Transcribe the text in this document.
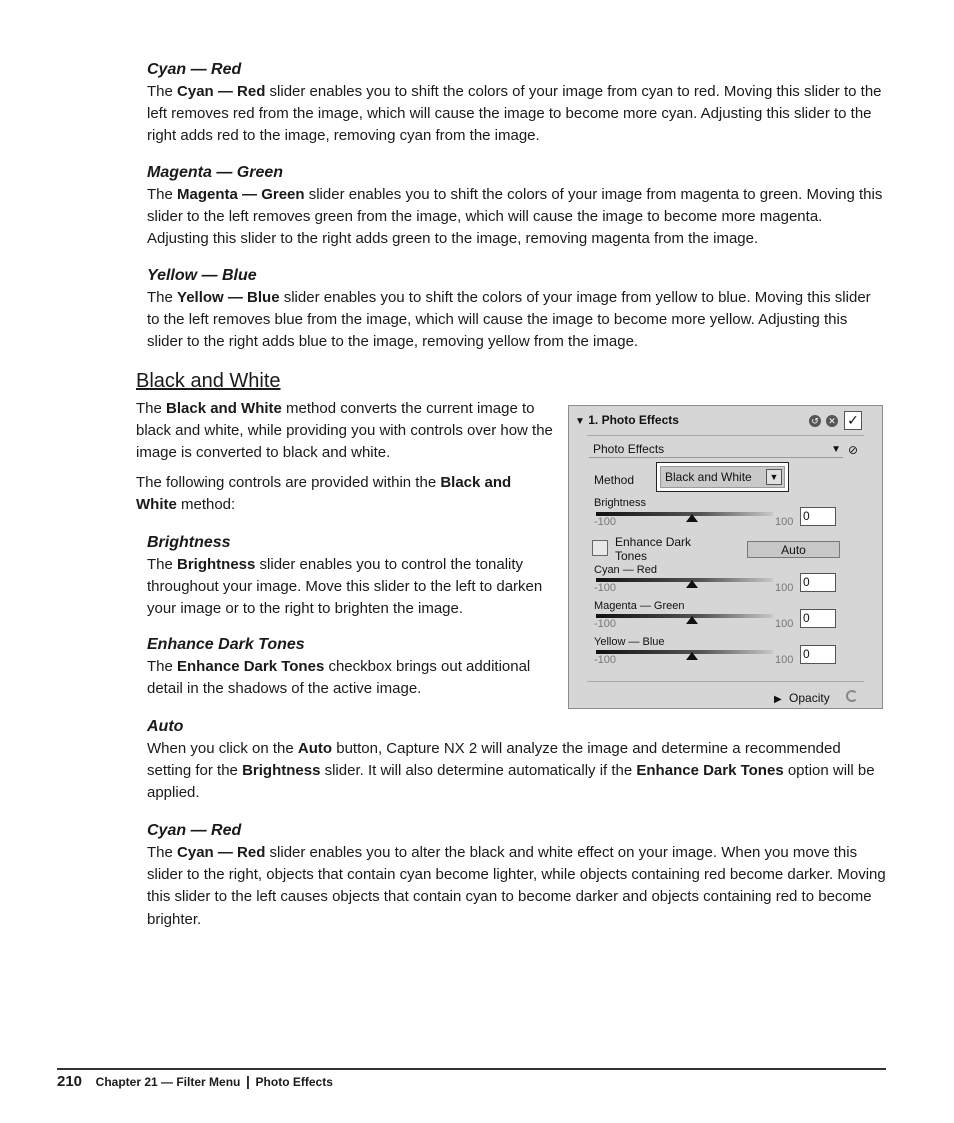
Cyan — Red

The Cyan — Red slider enables you to shift the colors of your image from cyan to red. Moving this slider to the left removes red from the image, which will cause the image to become more cyan. Adjusting this slider to the right adds red to the image, removing cyan from the image.

Magenta — Green

The Magenta — Green slider enables you to shift the colors of your image from magenta to green. Moving this slider to the left removes green from the image, which will cause the image to become more magenta. Adjusting this slider to the right adds green to the image, removing magenta from the image.

Yellow — Blue

The Yellow — Blue slider enables you to shift the colors of your image from yellow to blue. Moving this slider to the left removes blue from the image, which will cause the image to become more yellow. Adjusting this slider to the right adds blue to the image, removing yellow from the image.

Black and White

The Black and White method converts the current image to black and white, while providing you with controls over how the image is converted to black and white.

The following controls are provided within the Black and White method:

Brightness

The Brightness slider enables you to control the tonality throughout your image. Move this slider to the left to darken your image or to the right to brighten the image.

Enhance Dark Tones

The Enhance Dark Tones checkbox brings out additional detail in the shadows of the active image.

Auto

When you click on the Auto button, Capture NX 2 will analyze the image and determine a recommended setting for the Brightness slider. It will also determine automatically if the Enhance Dark Tones option will be applied.

Cyan — Red

The Cyan — Red slider enables you to alter the black and white effect on your image. When you move this slider to the right, objects that contain cyan become lighter, while objects containing red become darker. Moving this slider to the left causes objects that contain cyan to become darker and objects containing red to become brighter.

▼ 1. Photo Effects	↺ ✕ ✓
Photo Effects	▼ ⊘
Method	Black and White	▼
Brightness
-100	100 0
Enhance Dark
Tones	Auto
Cyan — Red
-100	100 0
Magenta — Green
-100	100 0
Yellow — Blue
-100	100 0
▶ Opacity
210 Chapter 21 — Filter Menu | Photo Effects
